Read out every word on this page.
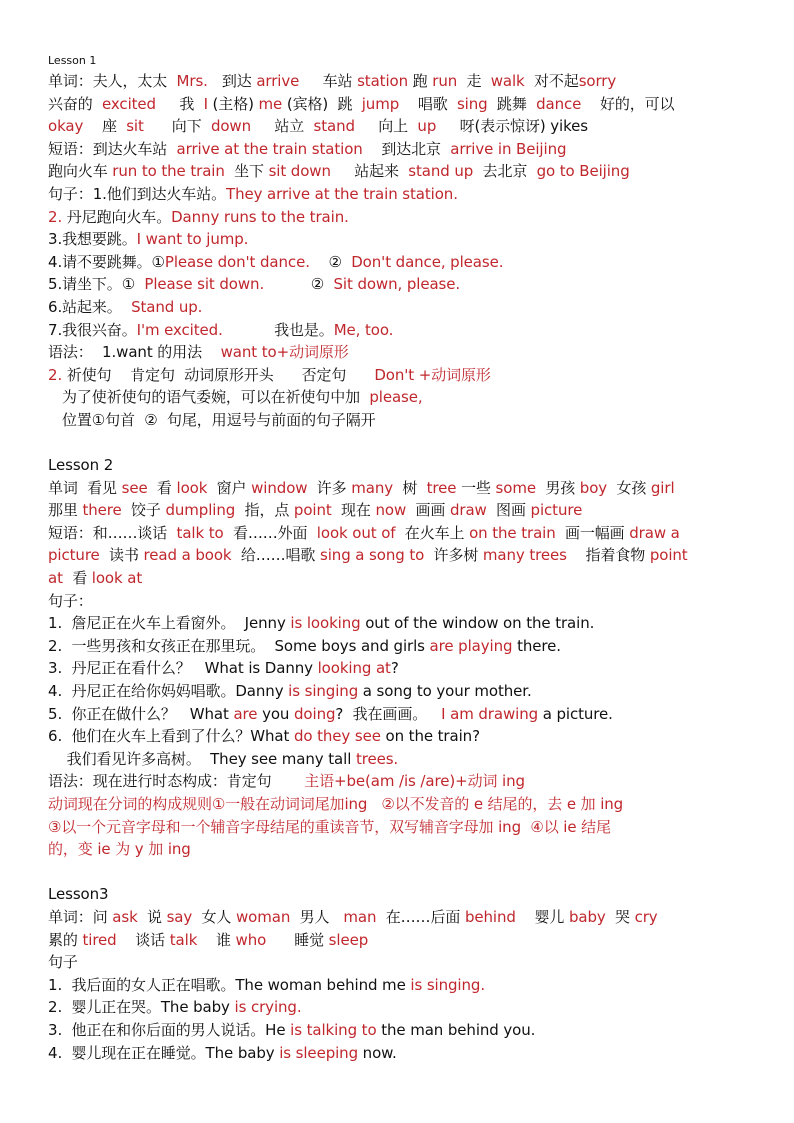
Lesson 1
单词：夫人，太太  Mrs.   到达 arrive     车站 station 跑 run  走  walk  对不起sorry
兴奋的  excited     我  I (主格) me (宾格)  跳  jump    唱歌  sing  跳舞  dance    好的，可以
okay    座  sit      向下  down     站立  stand     向上  up     呀(表示惊讶) yikes
短语：到达火车站  arrive at the train station    到达北京  arrive in Beijing
跑向火车 run to the train  坐下 sit down     站起来  stand up  去北京  go to Beijing
句子：1.他们到达火车站。They arrive at the train station.
2. 丹尼跑向火车。Danny runs to the train.
3.我想要跳。I want to jump.
4.请不要跳舞。①Please don't dance.    ②  Don't dance, please.
5.请坐下。①  Please sit down.          ②  Sit down, please.
6.站起来。  Stand up.
7.我很兴奋。I'm excited.           我也是。Me, too.
语法：  1.want 的用法    want to+动词原形
2. 祈使句    肯定句  动词原形开头      否定句      Don't +动词原形
为了使祈使句的语气委婉，可以在祈使句中加  please,
位置①句首  ②  句尾，用逗号与前面的句子隔开
Lesson 2
单词  看见 see  看 look  窗户 window  许多 many  树  tree 一些 some  男孩 boy  女孩 girl
那里 there  饺子 dumpling  指，点 point  现在 now  画画 draw  图画 picture
短语：和……谈话  talk to  看……外面  look out of  在火车上 on the train  画一幅画 draw a
picture  读书 read a book  给……唱歌 sing a song to  许多树 many trees    指着食物 point
at  看 look at
句子：
1.  詹尼正在火车上看窗外。  Jenny is looking out of the window on the train.
2.  一些男孩和女孩正在那里玩。  Some boys and girls are playing there.
3.  丹尼正在看什么？   What is Danny looking at?
4.  丹尼正在给你妈妈唱歌。Danny is singing a song to your mother.
5.  你正在做什么？   What are you doing?  我在画画。   I am drawing a picture.
6.  他们在火车上看到了什么？What do they see on the train?
我们看见许多高树。  They see many tall trees.
语法：现在进行时态构成：肯定句       主语+be(am /is /are)+动词 ing
动词现在分词的构成规则①一般在动词词尾加ing   ②以不发音的 e 结尾的，去 e 加 ing
③以一个元音字母和一个辅音字母结尾的重读音节，双写辅音字母加 ing  ④以 ie 结尾
的，变 ie 为 y 加 ing
Lesson3
单词：问 ask  说 say  女人 woman  男人   man  在……后面 behind    婴儿 baby  哭 cry
累的 tired    谈话 talk    谁 who      睡觉 sleep
句子
1.  我后面的女人正在唱歌。The woman behind me is singing.
2.  婴儿正在哭。The baby is crying.
3.  他正在和你后面的男人说话。He is talking to the man behind you.
4.  婴儿现在正在睡觉。The baby is sleeping now.
